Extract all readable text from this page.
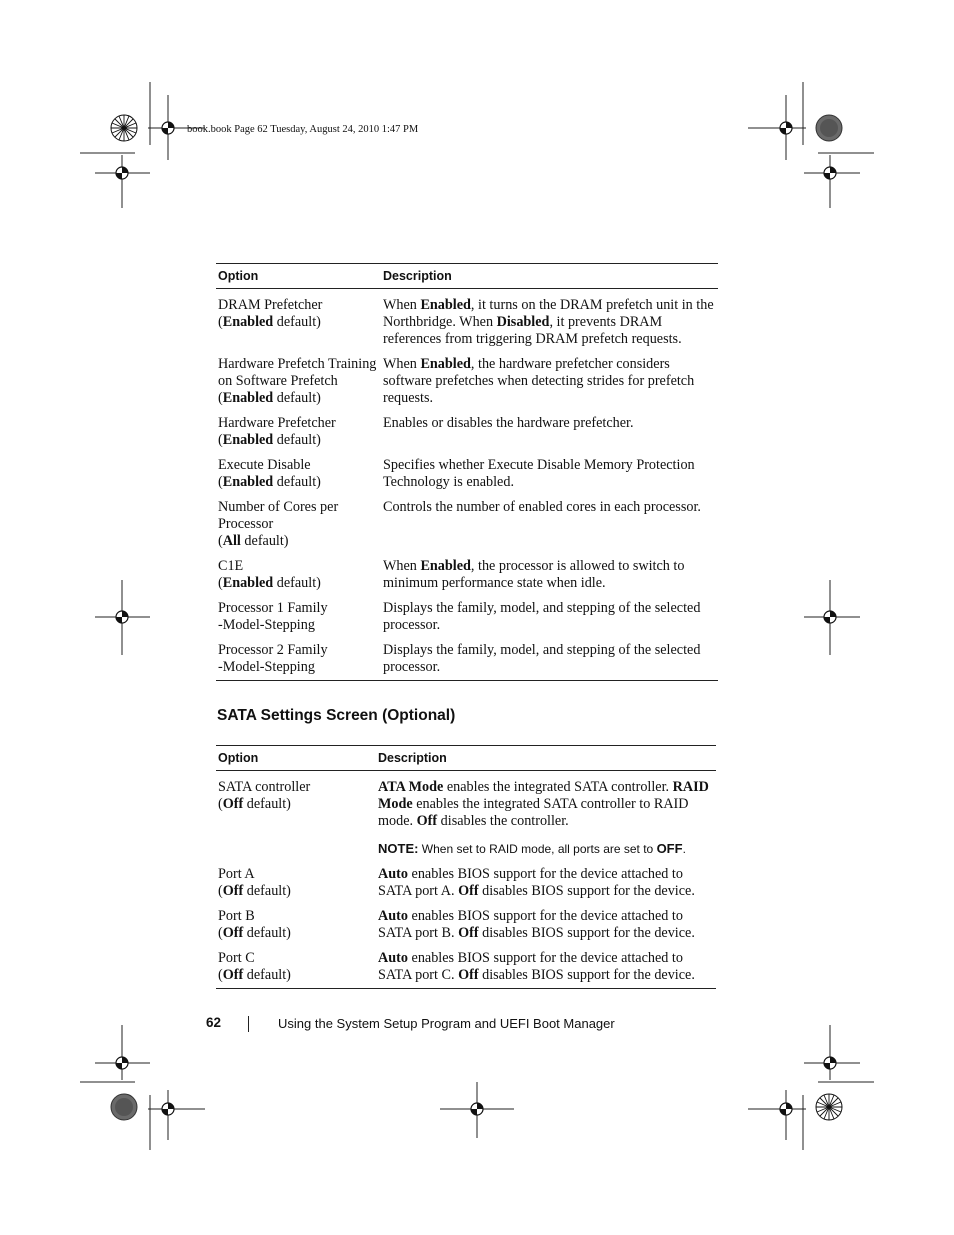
book.book Page 62 Tuesday, August 24, 2010 1:47 PM
Option	Description
DRAM Prefetcher
(Enabled default)	When Enabled, it turns on the DRAM prefetch unit in the Northbridge. When Disabled, it prevents DRAM references from triggering DRAM prefetch requests.
Hardware Prefetch Training on Software Prefetch
(Enabled default)	When Enabled, the hardware prefetcher considers software prefetches when detecting strides for prefetch requests.
Hardware Prefetcher
(Enabled default)	Enables or disables the hardware prefetcher.
Execute Disable
(Enabled default)	Specifies whether Execute Disable Memory Protection Technology is enabled.
Number of Cores per Processor
(All default)	Controls the number of enabled cores in each processor.
C1E
(Enabled default)	When Enabled, the processor is allowed to switch to minimum performance state when idle.
Processor 1 Family
-Model-Stepping	Displays the family, model, and stepping of the selected processor.
Processor 2 Family
-Model-Stepping	Displays the family, model, and stepping of the selected processor.
SATA Settings Screen (Optional)
Option	Description
SATA controller
(Off default)	ATA Mode enables the integrated SATA controller. RAID Mode enables the integrated SATA controller to RAID mode. Off disables the controller.
NOTE: When set to RAID mode, all ports are set to OFF.

Port A
(Off default)	Auto enables BIOS support for the device attached to SATA port A. Off disables BIOS support for the device.
Port B
(Off default)	Auto enables BIOS support for the device attached to SATA port B. Off disables BIOS support for the device.
Port C
(Off default)	Auto enables BIOS support for the device attached to SATA port C. Off disables BIOS support for the device.
62	Using the System Setup Program and UEFI Boot Manager
